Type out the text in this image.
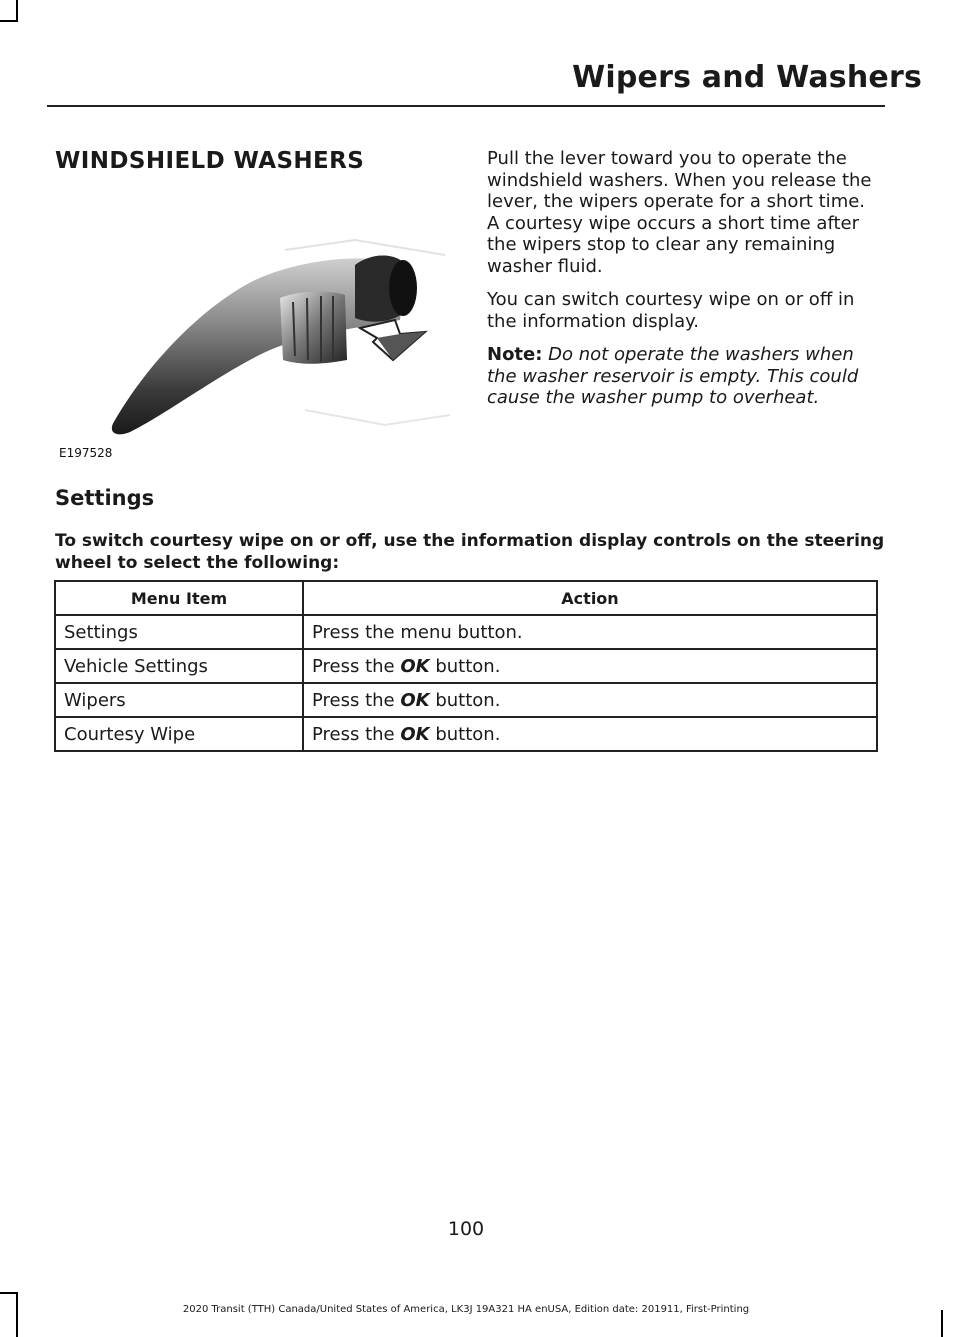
Wipers and Washers
WINDSHIELD WASHERS
E197528

Pull the lever toward you to operate the windshield washers. When you release the lever, the wipers operate for a short time. A courtesy wipe occurs a short time after the wipers stop to clear any remaining washer fluid.

You can switch courtesy wipe on or off in the information display.

Note: Do not operate the washers when the washer reservoir is empty. This could cause the washer pump to overheat.

Settings
To switch courtesy wipe on or off, use the information display controls on the steering wheel to select the following:
Menu Item	Action
Settings	Press the menu button.
Vehicle Settings	Press the OK button.
Wipers	Press the OK button.
Courtesy Wipe	Press the OK button.
100
2020 Transit (TTH) Canada/United States of America, LK3J 19A321 HA enUSA, Edition date: 201911, First-Printing
